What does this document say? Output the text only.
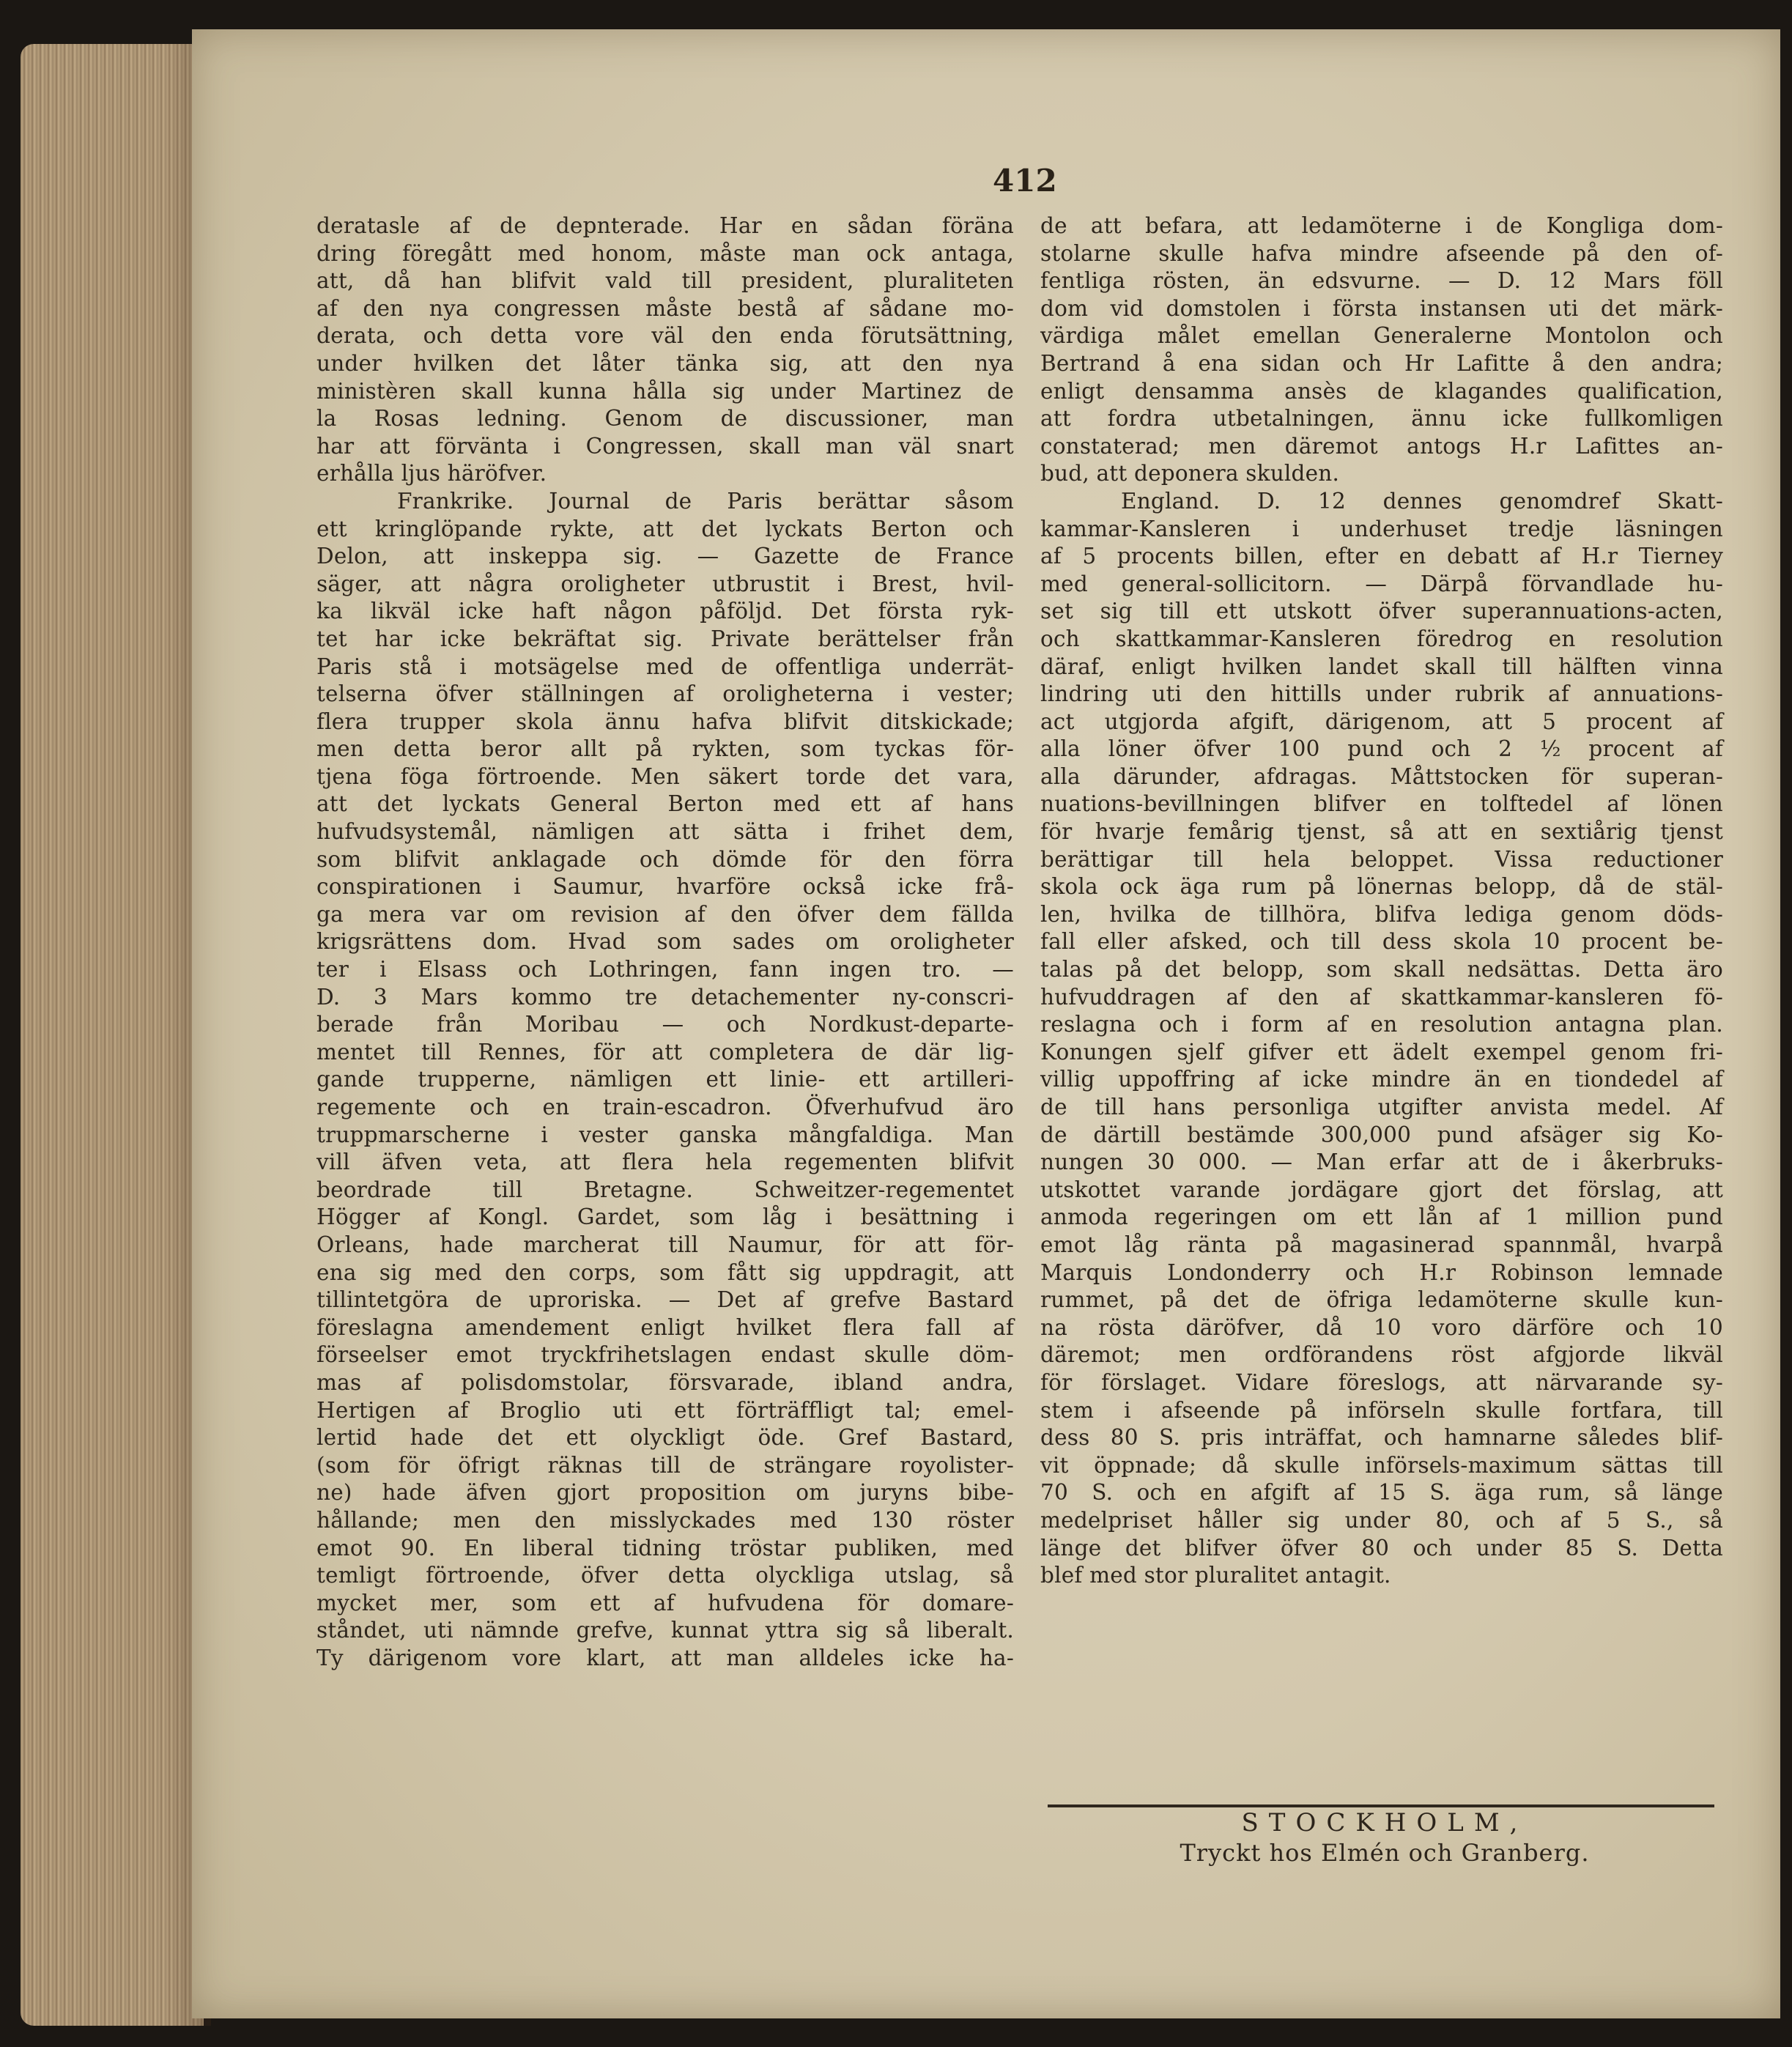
412
deratasle af de depnterade. Har en sådan föräna
dring föregått med honom, måste man ock antaga,
att, då han blifvit vald till president, pluraliteten
af den nya congressen måste bestå af sådane mo-
derata, och detta vore väl den enda förutsättning,
under hvilken det låter tänka sig, att den nya
ministèren skall kunna hålla sig under Martinez de
la Rosas ledning. Genom de discussioner, man
har att förvänta i Congressen, skall man väl snart
erhålla ljus häröfver.
Frankrike. Journal de Paris berättar såsom
ett kringlöpande rykte, att det lyckats Berton och
Delon, att inskeppa sig. — Gazette de France
säger, att några oroligheter utbrustit i Brest, hvil-
ka likväl icke haft någon påföljd. Det första ryk-
tet har icke bekräftat sig. Private berättelser från
Paris stå i motsägelse med de offentliga underrät-
telserna öfver ställningen af oroligheterna i vester;
flera trupper skola ännu hafva blifvit ditskickade;
men detta beror allt på rykten, som tyckas för-
tjena föga förtroende. Men säkert torde det vara,
att det lyckats General Berton med ett af hans
hufvudsystemål, nämligen att sätta i frihet dem,
som blifvit anklagade och dömde för den förra
conspirationen i Saumur, hvarföre också icke frå-
ga mera var om revision af den öfver dem fällda
krigsrättens dom. Hvad som sades om oroligheter
ter i Elsass och Lothringen, fann ingen tro. —
D. 3 Mars kommo tre detachementer ny-conscri-
berade från Moribau — och Nordkust-departe-
mentet till Rennes, för att completera de där lig-
gande trupperne, nämligen ett linie- ett artilleri-
regemente och en train-escadron. Öfverhufvud äro
truppmarscherne i vester ganska mångfaldiga. Man
vill äfven veta, att flera hela regementen blifvit
beordrade till Bretagne. Schweitzer-regementet
Högger af Kongl. Gardet, som låg i besättning i
Orleans, hade marcherat till Naumur, för att för-
ena sig med den corps, som fått sig uppdragit, att
tillintetgöra de uproriska. — Det af grefve Bastard
föreslagna amendement enligt hvilket flera fall af
förseelser emot tryckfrihetslagen endast skulle döm-
mas af polisdomstolar, försvarade, ibland andra,
Hertigen af Broglio uti ett förträffligt tal; emel-
lertid hade det ett olyckligt öde. Gref Bastard,
(som för öfrigt räknas till de strängare royolister-
ne) hade äfven gjort proposition om juryns bibe-
hållande; men den misslyckades med 130 röster
emot 90. En liberal tidning tröstar publiken, med
temligt förtroende, öfver detta olyckliga utslag, så
mycket mer, som ett af hufvudena för domare-
ståndet, uti nämnde grefve, kunnat yttra sig så liberalt.
Ty därigenom vore klart, att man alldeles icke ha-
de att befara, att ledamöterne i de Kongliga dom-
stolarne skulle hafva mindre afseende på den of-
fentliga rösten, än edsvurne. — D. 12 Mars föll
dom vid domstolen i första instansen uti det märk-
värdiga målet emellan Generalerne Montolon och
Bertrand å ena sidan och Hr Lafitte å den andra;
enligt densamma ansès de klagandes qualification,
att fordra utbetalningen, ännu icke fullkomligen
constaterad; men däremot antogs H.r Lafittes an-
bud, att deponera skulden.
England. D. 12 dennes genomdref Skatt-
kammar-Kansleren i underhuset tredje läsningen
af 5 procents billen, efter en debatt af H.r Tierney
med general-sollicitorn. — Därpå förvandlade hu-
set sig till ett utskott öfver superannuations-acten,
och skattkammar-Kansleren föredrog en resolution
däraf, enligt hvilken landet skall till hälften vinna
lindring uti den hittills under rubrik af annuations-
act utgjorda afgift, därigenom, att 5 procent af
alla löner öfver 100 pund och 2 ½ procent af
alla därunder, afdragas. Måttstocken för superan-
nuations-bevillningen blifver en tolftedel af lönen
för hvarje femårig tjenst, så att en sextiårig tjenst
berättigar till hela beloppet. Vissa reductioner
skola ock äga rum på lönernas belopp, då de stäl-
len, hvilka de tillhöra, blifva lediga genom döds-
fall eller afsked, och till dess skola 10 procent be-
talas på det belopp, som skall nedsättas. Detta äro
hufvuddragen af den af skattkammar-kansleren fö-
reslagna och i form af en resolution antagna plan.
Konungen sjelf gifver ett ädelt exempel genom fri-
villig uppoffring af icke mindre än en tiondedel af
de till hans personliga utgifter anvista medel. Af
de därtill bestämde 300,000 pund afsäger sig Ko-
nungen 30 000. — Man erfar att de i åkerbruks-
utskottet varande jordägare gjort det förslag, att
anmoda regeringen om ett lån af 1 million pund
emot låg ränta på magasinerad spannmål, hvarpå
Marquis Londonderry och H.r Robinson lemnade
rummet, på det de öfriga ledamöterne skulle kun-
na rösta däröfver, då 10 voro därföre och 10
däremot; men ordförandens röst afgjorde likväl
för förslaget. Vidare föreslogs, att närvarande sy-
stem i afseende på införseln skulle fortfara, till
dess 80 S. pris inträffat, och hamnarne således blif-
vit öppnade; då skulle införsels-maximum sättas till
70 S. och en afgift af 15 S. äga rum, så länge
medelpriset håller sig under 80, och af 5 S., så
länge det blifver öfver 80 och under 85 S. Detta
blef med stor pluralitet antagit.
STOCKHOLM,
Tryckt hos Elmén och Granberg.
